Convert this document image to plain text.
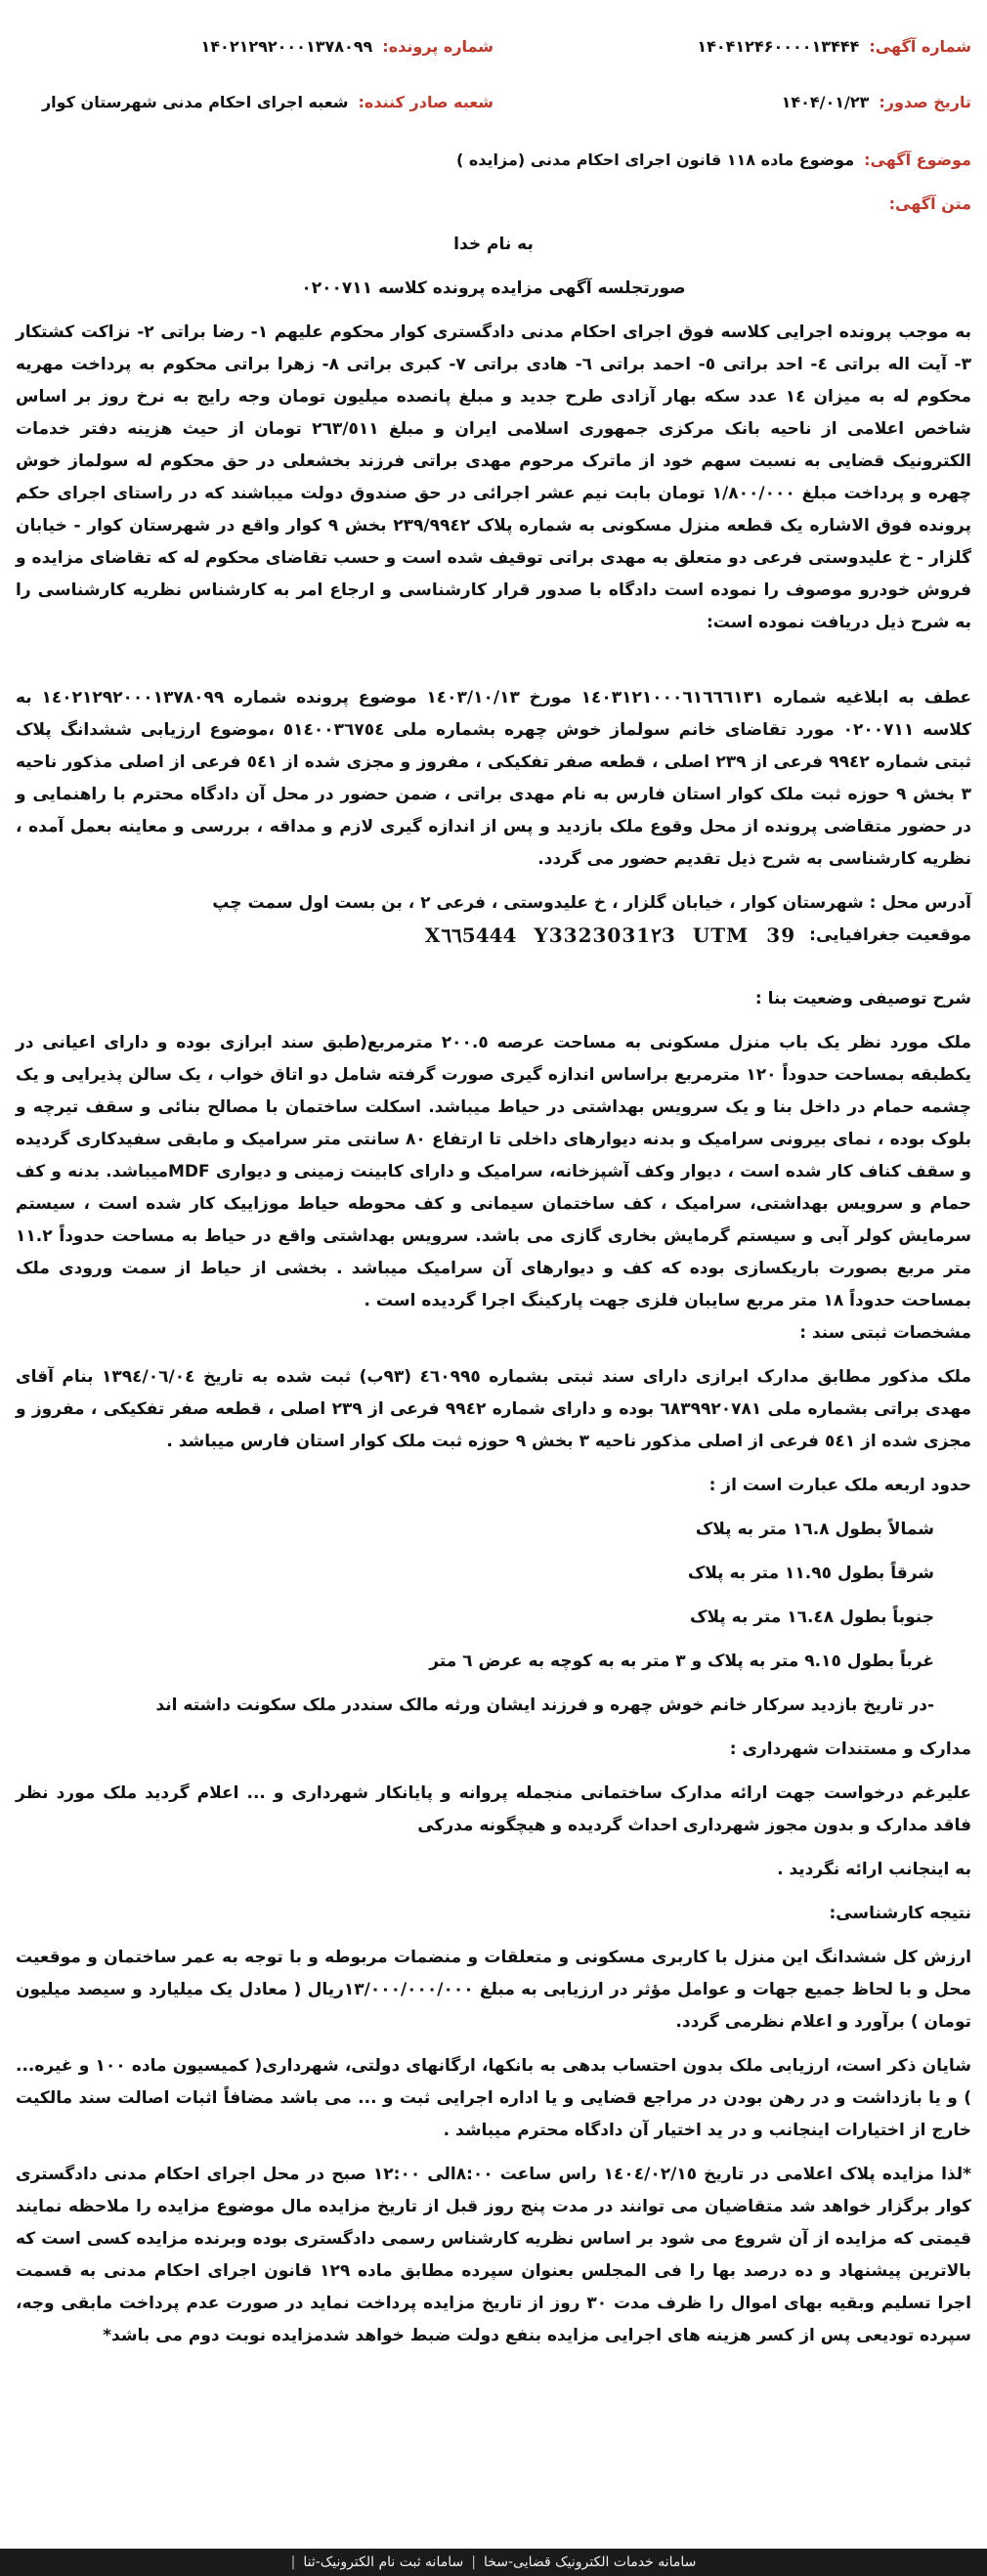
شماره آگهی:
۱۴۰۴۱۲۴۶۰۰۰۰۱۳۴۴۴
شماره پرونده:
۱۴۰۲۱۲۹۲۰۰۰۱۳۷۸۰۹۹
تاریخ صدور:
۱۴۰۴/۰۱/۲۳
شعبه صادر کننده:
شعبه اجرای احکام مدنی شهرستان کوار
موضوع آگهی:
موضوع ماده ۱۱۸ قانون اجرای احکام مدنی (مزایده )
متن آگهی:
به نام خدا
صورتجلسه آگهی مزایده پرونده کلاسه ۰۲۰۰۷۱۱

به موجب پرونده اجرایی کلاسه فوق اجرای احکام مدنی دادگستری کوار محکوم علیهم ۱- رضا براتی ۲- نزاکت کشتکار ۳- آیت اله براتی ٤- احد براتی ٥- احمد براتی ٦- هادی براتی ۷- کبری براتی ۸- زهرا براتی محکوم به پرداخت مهریه محکوم له به میزان ۱٤ عدد سکه بهار آزادی طرح جدید و مبلغ پانصده میلیون تومان وجه رایج به نرخ روز بر اساس شاخص اعلامی از ناحیه بانک مرکزی جمهوری اسلامی ایران و مبلغ ۲٦۳/٥۱۱ تومان از حیث هزینه دفتر خدمات الکترونیک قضایی به نسبت سهم خود از ماترک مرحوم مهدی براتی فرزند بخشعلی در حق محکوم له سولماز خوش چهره و پرداخت مبلغ ۱/۸۰۰/۰۰۰ تومان بابت نیم عشر اجرائی در حق صندوق دولت میباشند که در راستای اجرای حکم پرونده فوق الاشاره یک قطعه منزل مسکونی به شماره پلاک ۲۳۹/۹۹٤۲ بخش ۹ کوار واقع در شهرستان کوار - خیابان گلزار - خ علیدوستی فرعی دو متعلق به مهدی براتی توقیف شده است و حسب تقاضای محکوم له که تقاضای مزایده و فروش خودرو موصوف را نموده است دادگاه با صدور قرار کارشناسی و ارجاع امر به کارشناس نظریه کارشناسی را به شرح ذیل دریافت نموده است:

عطف به ابلاغیه شماره ۱٤۰۳۱۲۱۰۰۰٦۱٦٦٦۱۳۱ مورخ ۱٤۰۳/۱۰/۱۳ موضوع پرونده شماره ۱٤۰۲۱۲۹۲۰۰۰۱۳۷۸۰۹۹ به کلاسه ۰۲۰۰۷۱۱ مورد تقاضای خانم سولماز خوش چهره بشماره ملی ٥۱٤۰۰۳٦۷٥٤ ،موضوع ارزیابی ششدانگ پلاک ثبتی شماره ۹۹٤۲ فرعی از ۲۳۹ اصلی ، قطعه صفر تفکیکی ، مفروز و مجزی شده از ٥٤۱ فرعی از اصلی مذکور ناحیه ۳ بخش ۹ حوزه ثبت ملک کوار استان فارس به نام مهدی براتی ، ضمن حضور در محل آن دادگاه محترم با راهنمایی و در حضور متقاضی پرونده از محل وقوع ملک بازدید و پس از اندازه گیری لازم و مداقه ، بررسی و معاینه بعمل آمده ، نظریه کارشناسی به شرح ذیل تقدیم حضور می گردد.

آدرس محل : شهرستان کوار ، خیابان گلزار ، خ علیدوستی ، فرعی ۲ ، بن بست اول سمت چپ

موقعیت جغرافیایی:
X٦٦5444 Y3323031٢3 UTM 39
شرح توصیفی وضعیت بنا :

ملک مورد نظر یک باب منزل مسکونی به مساحت عرصه ۲۰۰.٥ مترمربع(طبق سند ابرازی بوده و دارای اعیانی در یکطبقه بمساحت حدوداً ۱۲۰ مترمربع براساس اندازه گیری صورت گرفته شامل دو اتاق خواب ، یک سالن پذیرایی و یک چشمه حمام در داخل بنا و یک سرویس بهداشتی در حیاط میباشد. اسکلت ساختمان با مصالح بنائی و سقف تیرچه و بلوک بوده ، نمای بیرونی سرامیک و بدنه دیوارهای داخلی تا ارتفاع ۸۰ سانتی متر سرامیک و مابقی سفیدکاری گردیده و سقف کناف کار شده است ، دیوار وکف آشپزخانه، سرامیک و دارای کابینت زمینی و دیواری MDFمیباشد. بدنه و کف حمام و سرویس بهداشتی، سرامیک ، کف ساختمان سیمانی و کف محوطه حیاط موزاییک کار شده است ، سیستم سرمایش کولر آبی و سیستم گرمایش بخاری گازی می باشد. سرویس بهداشتی واقع در حیاط به مساحت حدوداً ۱۱.۲ متر مربع بصورت باریکسازی بوده که کف و دیوارهای آن سرامیک میباشد . بخشی از حیاط از سمت ورودی ملک بمساحت حدوداً ۱۸ متر مربع سایبان فلزی جهت پارکینگ اجرا گردیده است .

مشخصات ثبتی سند :

ملک مذکور مطابق مدارک ابرازی دارای سند ثبتی بشماره ٤٦۰۹۹٥ (۹۳ب) ثبت شده به تاریخ ۱۳۹٤/۰٦/۰٤ بنام آقای مهدی براتی بشماره ملی ٦۸۳۹۹۲۰۷۸۱ بوده و دارای شماره ۹۹٤۲ فرعی از ۲۳۹ اصلی ، قطعه صفر تفکیکی ، مفروز و مجزی شده از ٥٤۱ فرعی از اصلی مذکور ناحیه ۳ بخش ۹ حوزه ثبت ملک کوار استان فارس میباشد .

حدود اربعه ملک عبارت است از :
شمالاً بطول ۱٦.۸ متر به پلاک
شرقاً بطول ۱۱.۹٥ متر به پلاک
جنوباً بطول ۱٦.٤۸ متر به پلاک
غرباً بطول ۹.۱٥ متر به پلاک و ۳ متر به به کوچه به عرض ٦ متر
-در تاریخ بازدید سرکار خانم خوش چهره و فرزند ایشان ورثه مالک سنددر ملک سکونت داشته اند
مدارک و مستندات شهرداری :

علیرغم درخواست جهت ارائه مدارک ساختمانی منجمله پروانه و پایانکار شهرداری و ... اعلام گردید ملک مورد نظر فاقد مدارک و بدون مجوز شهرداری احداث گردیده و هیچگونه مدرکی

به اینجانب ارائه نگردید .
نتیجه کارشناسی:

ارزش کل ششدانگ این منزل با کاربری مسکونی و متعلقات و منضمات مربوطه و با توجه به عمر ساختمان و موقعیت محل و با لحاظ جمیع جهات و عوامل مؤثر در ارزیابی به مبلغ ۱۳/۰۰۰/۰۰۰/۰۰۰ریال ( معادل یک میلیارد و سیصد میلیون تومان ) برآورد و اعلام نظرمی گردد.

شایان ذکر است، ارزیابی ملک بدون احتساب بدهی به بانکها، ارگانهای دولتی، شهرداری( کمیسیون ماده ۱۰۰ و غیره... ) و یا بازداشت و در رهن بودن در مراجع قضایی و یا اداره اجرایی ثبت و ... می باشد مضافاً اثبات اصالت سند مالکیت خارج از اختیارات اینجانب و در ید اختیار آن دادگاه محترم میباشد .

*لذا مزایده پلاک اعلامی در تاریخ ۱٤۰٤/۰۲/۱٥ راس ساعت ۸:۰۰الی ۱۲:۰۰ صبح در محل اجرای احکام مدنی دادگستری کوار برگزار خواهد شد متقاضیان می توانند در مدت پنج روز قبل از تاریخ مزایده مال موضوع مزایده را ملاحظه نمایند قیمتی که مزایده از آن شروع می شود بر اساس نظریه کارشناس رسمی دادگستری بوده وبرنده مزایده کسی است که بالاترین پیشنهاد و ده درصد بها را فی المجلس بعنوان سپرده مطابق ماده ۱۲۹ قانون اجرای احکام مدنی به قسمت اجرا تسلیم وبقیه بهای اموال را ظرف مدت ۳۰ روز از تاریخ مزایده پرداخت نماید در صورت عدم پرداخت مابقی وجه، سپرده تودیعی پس از کسر هزینه های اجرایی مزایده بنفع دولت ضبط خواهد شدمزایده نوبت دوم می باشد*

سامانه خدمات الکترونیک قضایی-سخا
|
سامانه ثبت نام الکترونیک-ثنا
|
